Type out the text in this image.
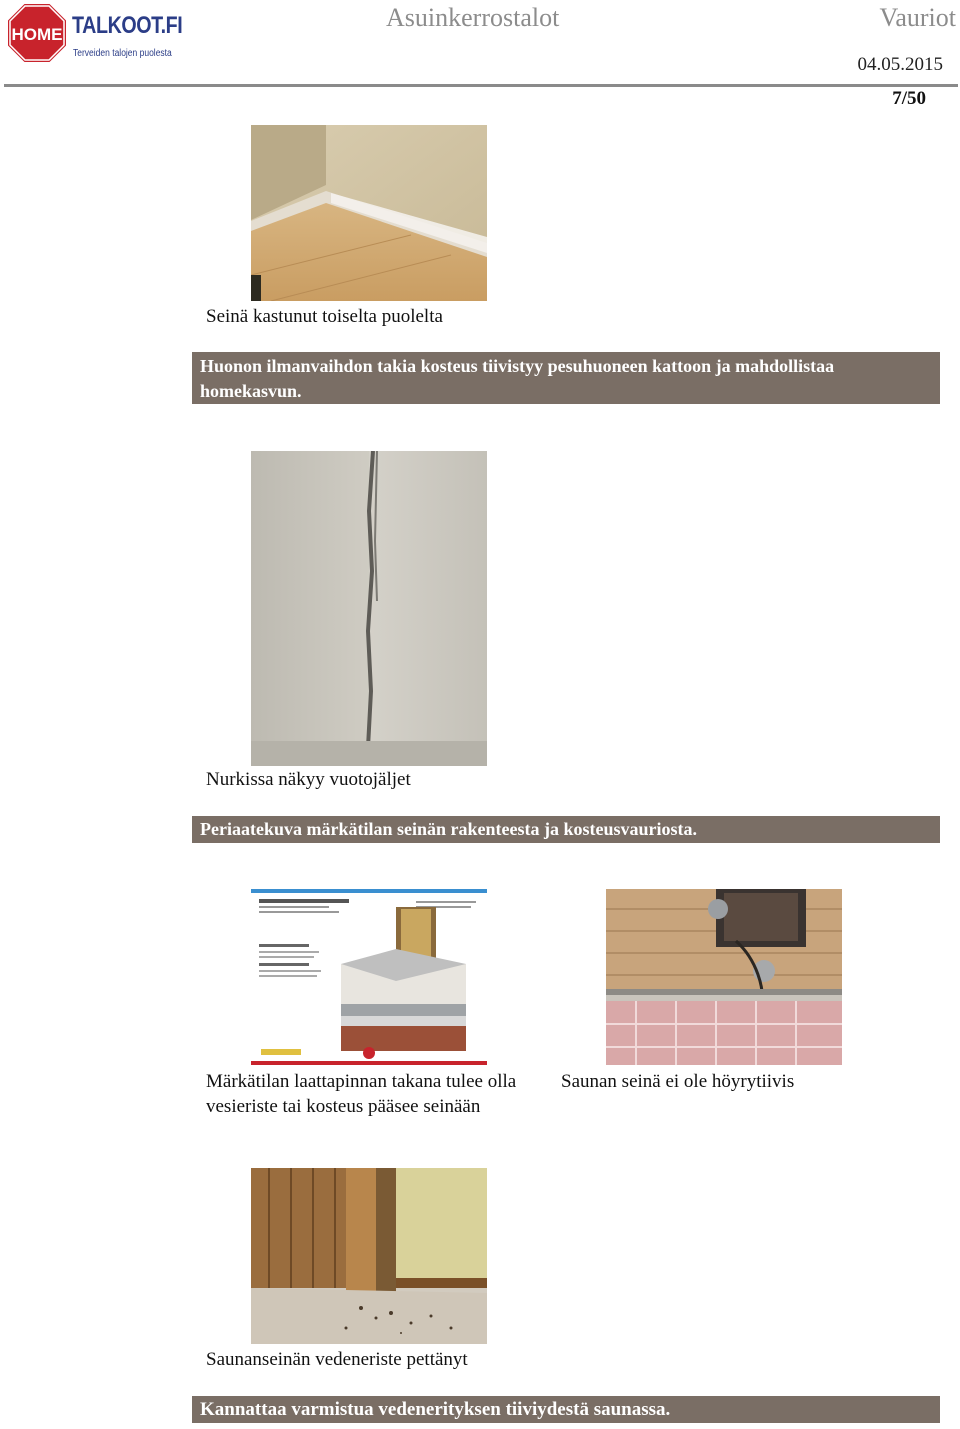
HOME TALKOOT.FI
Terveiden talojen puolesta
Asuinkerrostalot	Vauriot
04.05.2015
7/50
Seinä kastunut toiselta puolelta
Huonon ilmanvaihdon takia kosteus tiivistyy pesuhuoneen kattoon ja mahdollistaa homekasvun.
Nurkissa näkyy vuotojäljet
Periaatekuva märkätilan seinän rakenteesta ja kosteusvauriosta.
Märkätilan laattapinnan takana tulee olla vesieriste tai kosteus pääsee seinään
Saunan seinä ei ole höyrytiivis
Saunanseinän vedeneriste pettänyt
Kannattaa varmistua vedenerityksen tiiviydestä saunassa.
